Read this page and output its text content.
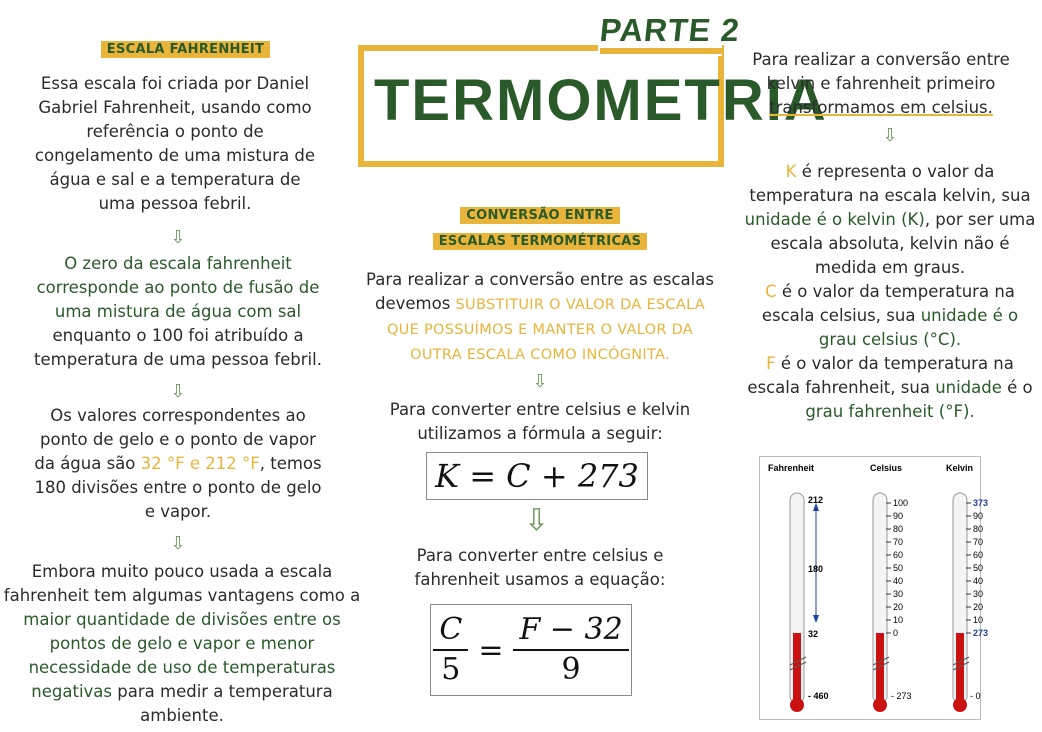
ESCALA FAHRENHEIT
Essa escala foi criada por Daniel Gabriel Fahrenheit, usando como referência o ponto de congelamento de uma mistura de água e sal e a temperatura de uma pessoa febril.
⇩
O zero da escala fahrenheit corresponde ao ponto de fusão de uma mistura de água com sal enquanto o 100 foi atribuído a temperatura de uma pessoa febril.
⇩
Os valores correspondentes ao ponto de gelo e o ponto de vapor da água são 32 °F e 212 °F, temos 180 divisões entre o ponto de gelo e vapor.
⇩
Embora muito pouco usada a escala fahrenheit tem algumas vantagens como a maior quantidade de divisões entre os pontos de gelo e vapor e menor necessidade de uso de temperaturas negativas para medir a temperatura ambiente.
PARTE 2
TERMOMETRIA
CONVERSÃO ENTRE
ESCALAS TERMOMÉTRICAS
Para realizar a conversão entre as escalas devemos SUBSTITUIR O VALOR DA ESCALA QUE POSSUÍMOS E MANTER O VALOR DA OUTRA ESCALA COMO INCÓGNITA.
⇩
Para converter entre celsius e kelvin utilizamos a fórmula a seguir:
K = C + 273
⇩
Para converter entre celsius e fahrenheit usamos a equação:
$\frac{C}{5} = \frac{F - 32}{9}$
Para realizar a conversão entre kelvin e fahrenheit primeiro transformamos em celsius.
⇩
K é representa o valor da temperatura na escala kelvin, sua unidade é o kelvin (K), por ser uma escala absoluta, kelvin não é medida em graus.
C é o valor da temperatura na escala celsius, sua unidade é o grau celsius (°C).
F é o valor da temperatura na escala fahrenheit, sua unidade é o grau fahrenheit (°F).
Fahrenheit	Celsius	Kelvin
212
180
32
- 460
100
90
80
70
60
50
40
30
20
10
0
- 273
373
90
80
70
60
50
40
30
20
10
273
- 0
